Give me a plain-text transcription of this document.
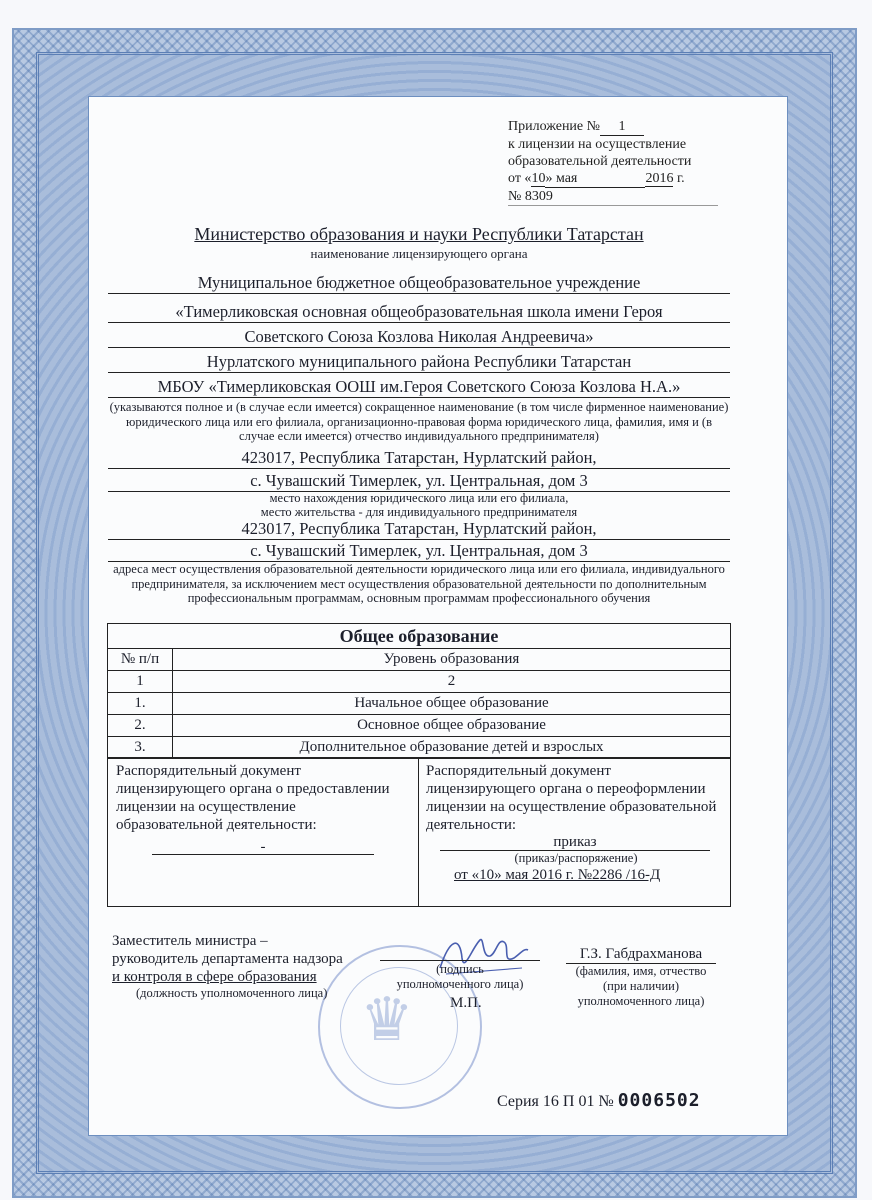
Приложение № 1
к лицензии на осуществление
образовательной деятельности
от «10» мая	2016 г.
№ 8309
Министерство образования и науки Республики Татарстан
наименование лицензирующего органа
Муниципальное бюджетное общеобразовательное учреждение
«Тимерликовская основная общеобразовательная школа имени Героя
Советского Союза Козлова Николая Андреевича»
Нурлатского муниципального района Республики Татарстан
МБОУ «Тимерликовская ООШ им.Героя Советского Союза Козлова Н.А.»
(указываются полное и (в случае если имеется) сокращенное наименование (в том числе фирменное наименование) юридического лица или его филиала, организационно-правовая форма юридического лица, фамилия, имя и (в случае если имеется) отчество индивидуального предпринимателя)
423017, Республика Татарстан, Нурлатский район,
с. Чувашский Тимерлек, ул. Центральная, дом 3
место нахождения юридического лица или его филиала,
место жительства - для индивидуального предпринимателя
423017, Республика Татарстан, Нурлатский район,
с. Чувашский Тимерлек, ул. Центральная, дом 3
адреса мест осуществления образовательной деятельности юридического лица или его филиала, индивидуального предпринимателя, за исключением мест осуществления образовательной деятельности по дополнительным профессиональным программам, основным программам профессионального обучения
Общее образование	
№ п/п	Уровень образования
1	2
1.	Начальное общее образование
2.	Основное общее образование
3.	Дополнительное образование детей и взрослых
Распорядительный документ лицензирующего органа о предоставлении лицензии на осуществление образовательной деятельности:
-
Распорядительный документ лицензирующего органа о переоформлении лицензии на осуществление образовательной деятельности:
приказ
(приказ/распоряжение)
от «10» мая 2016 г. №2286 /16-Д
♛
Заместитель министра –
руководитель департамента надзора
и контроля в сфере образования
(должность уполномоченного лица)
(подпись
уполномоченного лица)
М.П.
Г.З. Габдрахманова
(фамилия, имя, отчество
(при наличии)
уполномоченного лица)
Серия 16 П 01 № 0006502
